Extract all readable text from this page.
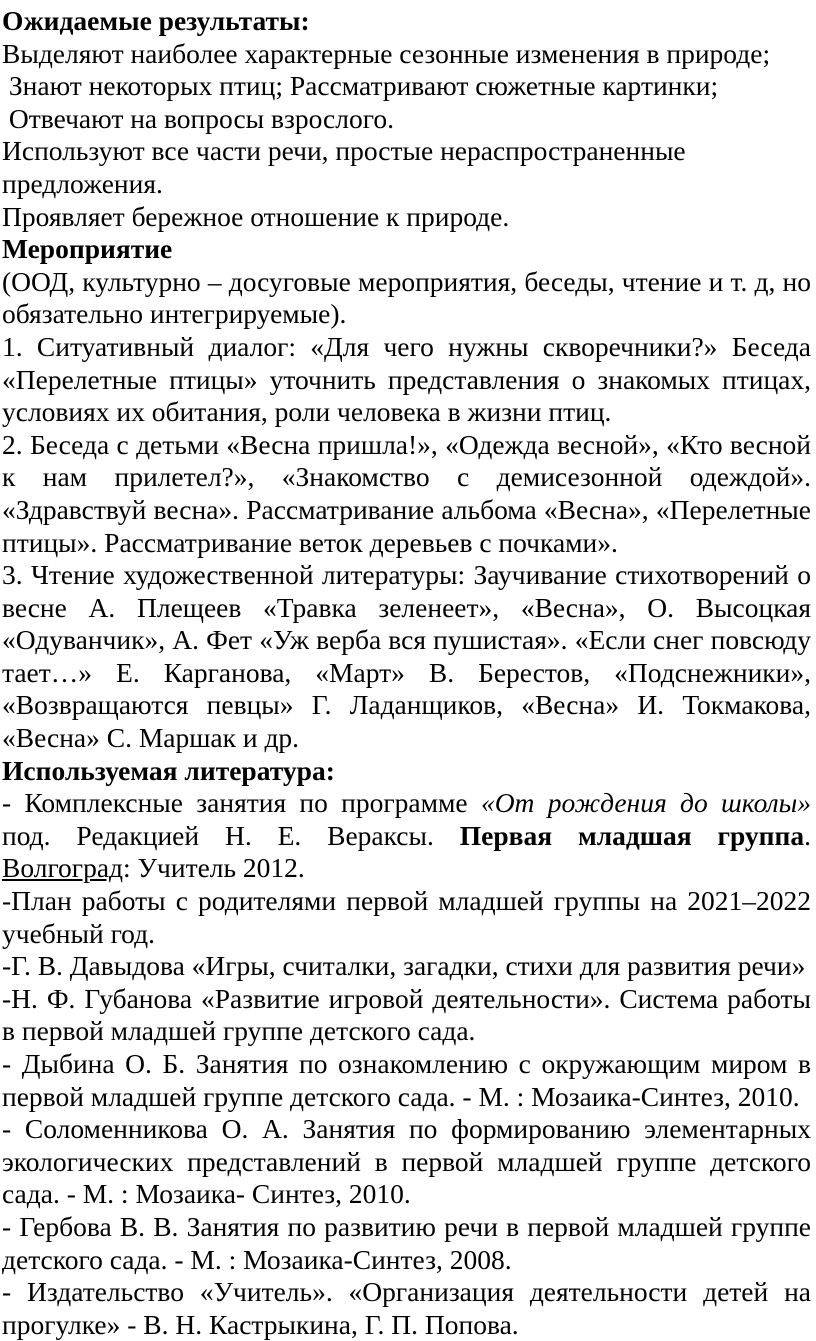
Ожидаемые результаты:

Выделяют наиболее характерные сезонные изменения в природе;

Знают некоторых птиц; Рассматривают сюжетные картинки;

Отвечают на вопросы взрослого.

Используют все части речи, простые нераспространенные предложения.

Проявляет бережное отношение к природе.

Мероприятие

(ООД, культурно – досуговые мероприятия, беседы, чтение и т. д, но обязательно интегрируемые).

1. Ситуативный диалог: «Для чего нужны скворечники?» Беседа «Перелетные птицы» уточнить представления о знакомых птицах, условиях их обитания, роли человека в жизни птиц.

2. Беседа с детьми «Весна пришла!», «Одежда весной», «Кто весной к нам прилетел?», «Знакомство с демисезонной одеждой». «Здравствуй весна». Рассматривание альбома «Весна», «Перелетные птицы». Рассматривание веток деревьев с почками».

3. Чтение художественной литературы: Заучивание стихотворений о весне А. Плещеев «Травка зеленеет», «Весна», О. Высоцкая «Одуванчик», А. Фет «Уж верба вся пушистая». «Если снег повсюду тает…» Е. Карганова, «Март» В. Берестов, «Подснежники», «Возвращаются певцы» Г. Ладанщиков, «Весна» И. Токмакова, «Весна» С. Маршак и др.

Используемая литература:

- Комплексные занятия по программе «От рождения до школы» под. Редакцией Н. Е. Вераксы. Первая младшая группа. Волгоград: Учитель 2012.

-План работы с родителями первой младшей группы на 2021–2022 учебный год.

-Г. В. Давыдова «Игры, считалки, загадки, стихи для развития речи»

-Н. Ф. Губанова «Развитие игровой деятельности». Система работы в первой младшей группе детского сада.

- Дыбина О. Б. Занятия по ознакомлению с окружающим миром в первой младшей группе детского сада. - М. : Мозаика-Синтез, 2010.

- Соломенникова О. А. Занятия по формированию элементарных экологических представлений в первой младшей группе детского сада. - М. : Мозаика- Синтез, 2010.

- Гербова В. В. Занятия по развитию речи в первой младшей группе детского сада. - М. : Мозаика-Синтез, 2008.

- Издательство «Учитель». «Организация деятельности детей на прогулке» - В. Н. Кастрыкина, Г. П. Попова.
